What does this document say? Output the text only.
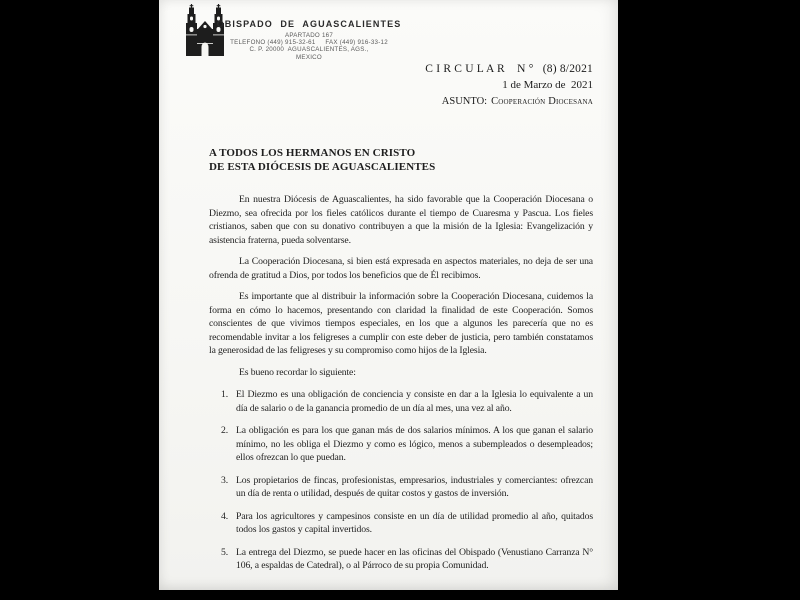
OBISPADO DE AGUASCALIENTES
APARTADO 167
TELEFONO (449) 915-32-61     FAX (449) 916-33-12
C. P. 20000  AGUASCALIENTES, AGS.,
MEXICO
C I R C U L A R    N °   (8) 8/2021
1 de Marzo de  2021
ASUNTO: Cooperación Diocesana
A TODOS LOS HERMANOS EN CRISTO
DE ESTA DIÓCESIS DE AGUASCALIENTES
En nuestra Diócesis de Aguascalientes, ha sido favorable que la Cooperación Diocesana o Diezmo, sea ofrecida por los fieles católicos durante el tiempo de Cuaresma y Pascua. Los fieles cristianos, saben que con su donativo contribuyen a que la misión de la Iglesia: Evangelización y asistencia fraterna, pueda solventarse.
La Cooperación Diocesana, si bien está expresada en aspectos materiales, no deja de ser una ofrenda de gratitud a Dios, por todos los beneficios que de Él recibimos.
Es importante que al distribuir la información sobre la Cooperación Diocesana, cuidemos la forma en cómo lo hacemos, presentando con claridad la finalidad de este Cooperación. Somos conscientes de que vivimos tiempos especiales, en los que a algunos les parecería que no es recomendable invitar a los feligreses a cumplir con este deber de justicia, pero también constatamos la generosidad de las feligreses y su compromiso como hijos de la Iglesia.
Es bueno recordar lo siguiente:
1. El Diezmo es una obligación de conciencia y consiste en dar a la Iglesia lo equivalente a un día de salario o de la ganancia promedio de un día al mes, una vez al año.
2. La obligación es para los que ganan más de dos salarios mínimos. A los que ganan el salario mínimo, no les obliga el Diezmo y como es lógico, menos a subempleados o desempleados; ellos ofrezcan lo que puedan.
3. Los propietarios de fincas, profesionistas, empresarios, industriales y comerciantes: ofrezcan un día de renta o utilidad, después de quitar costos y gastos de inversión.
4. Para los agricultores y campesinos consiste en un día de utilidad promedio al año, quitados todos los gastos y capital invertidos.
5. La entrega del Diezmo, se puede hacer en las oficinas del Obispado (Venustiano Carranza N° 106, a espaldas de Catedral), o al Párroco de su propia Comunidad.
